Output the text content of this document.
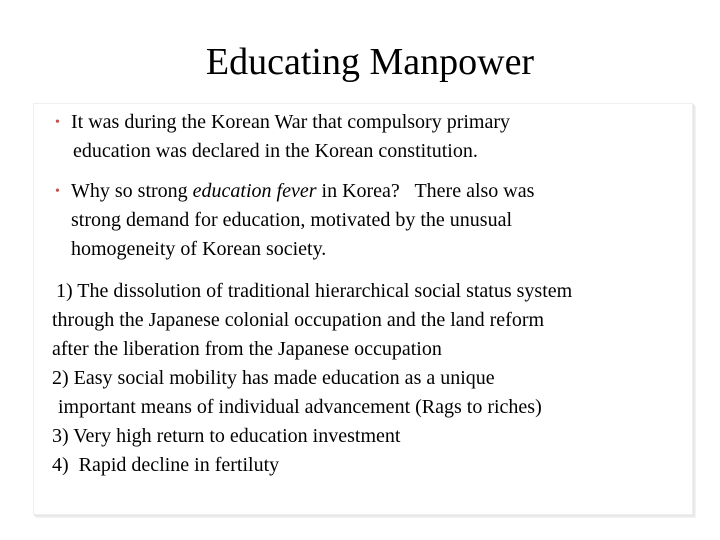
Educating Manpower
• It was during the Korean War that compulsory primary
education was declared in the Korean constitution.
• Why so strong education fever in Korea?   There also was
strong demand for education, motivated by the unusual
homogeneity of Korean society.
1) The dissolution of traditional hierarchical social status system
through the Japanese colonial occupation and the land reform
after the liberation from the Japanese occupation
2) Easy social mobility has made education as a unique
important means of individual advancement (Rags to riches)
3) Very high return to education investment
4)  Rapid decline in fertiluty
